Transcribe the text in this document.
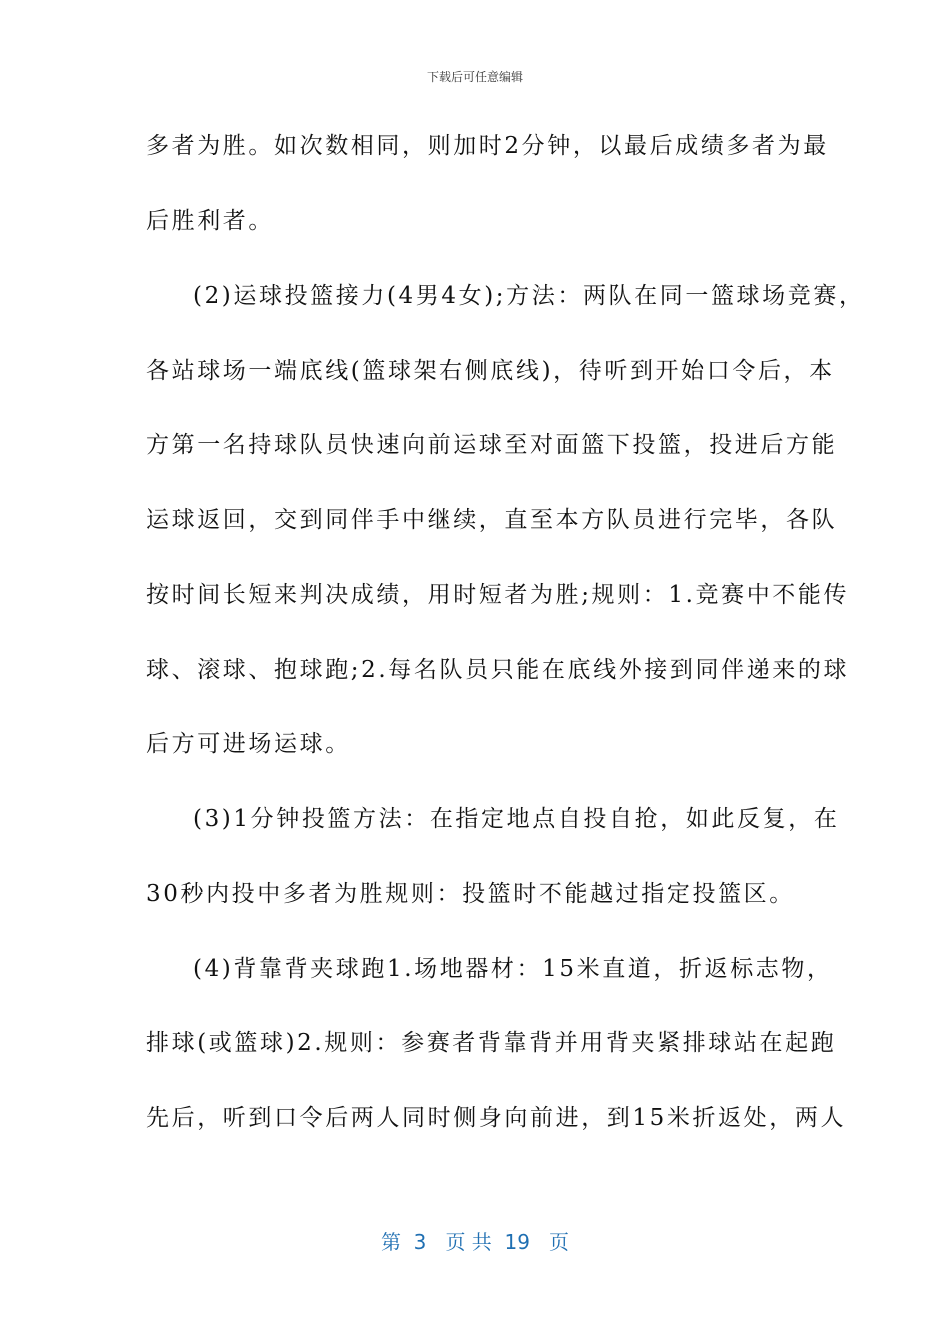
下载后可任意编辑
多者为胜。如次数相同，则加时2分钟，以最后成绩多者为最
后胜利者。
(2)运球投篮接力(4男4女);方法：两队在同一篮球场竞赛，
各站球场一端底线(篮球架右侧底线)，待听到开始口令后，本
方第一名持球队员快速向前运球至对面篮下投篮，投进后方能
运球返回，交到同伴手中继续，直至本方队员进行完毕，各队
按时间长短来判决成绩，用时短者为胜;规则：1.竞赛中不能传
球、滚球、抱球跑;2.每名队员只能在底线外接到同伴递来的球
后方可进场运球。
(3)1分钟投篮方法：在指定地点自投自抢，如此反复，在
30秒内投中多者为胜规则：投篮时不能越过指定投篮区。
(4)背靠背夹球跑1.场地器材：15米直道，折返标志物，
排球(或篮球)2.规则：参赛者背靠背并用背夹紧排球站在起跑
先后，听到口令后两人同时侧身向前进，到15米折返处，两人
第  3   页 共  19   页
